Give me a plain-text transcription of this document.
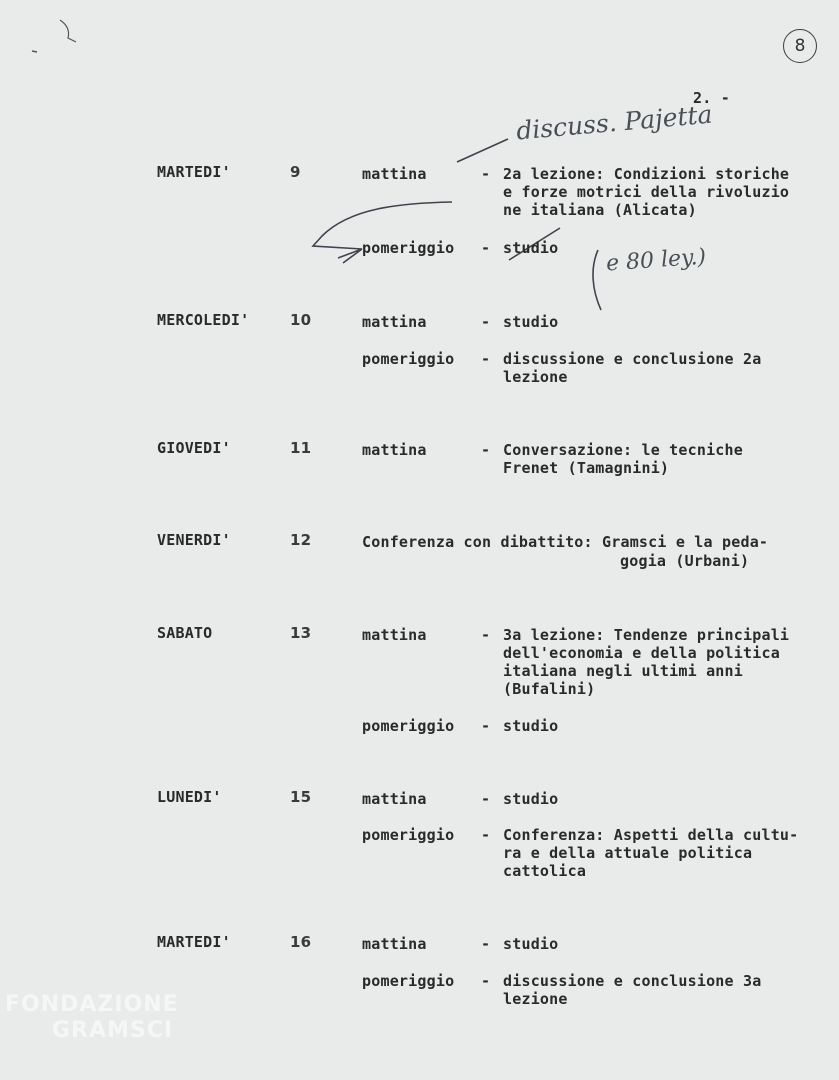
8
2. -
discuss. Pajetta
e 80 ley.)
MARTEDI'	9	mattina	- 2a lezione: Condizioni storiche
e forze motrici della rivoluzio
ne italiana (Alicata)
pomeriggio - studio
MERCOLEDI'	10	mattina	- studio
pomeriggio - discussione e conclusione 2a
lezione
GIOVEDI'	11	mattina	- Conversazione: le tecniche
Frenet (Tamagnini)
VENERDI'	12	Conferenza con dibattito: Gramsci e la peda-
gogia (Urbani)
SABATO	13	mattina	- 3a lezione: Tendenze principali
dell'economia e della politica
italiana negli ultimi anni
(Bufalini)
pomeriggio - studio
LUNEDI'	15	mattina	- studio
pomeriggio - Conferenza: Aspetti della cultu-
ra e della attuale politica
cattolica
MARTEDI'	16	mattina	- studio
pomeriggio - discussione e conclusione 3a
lezione
FONDAZIONE
GRAMSCI
